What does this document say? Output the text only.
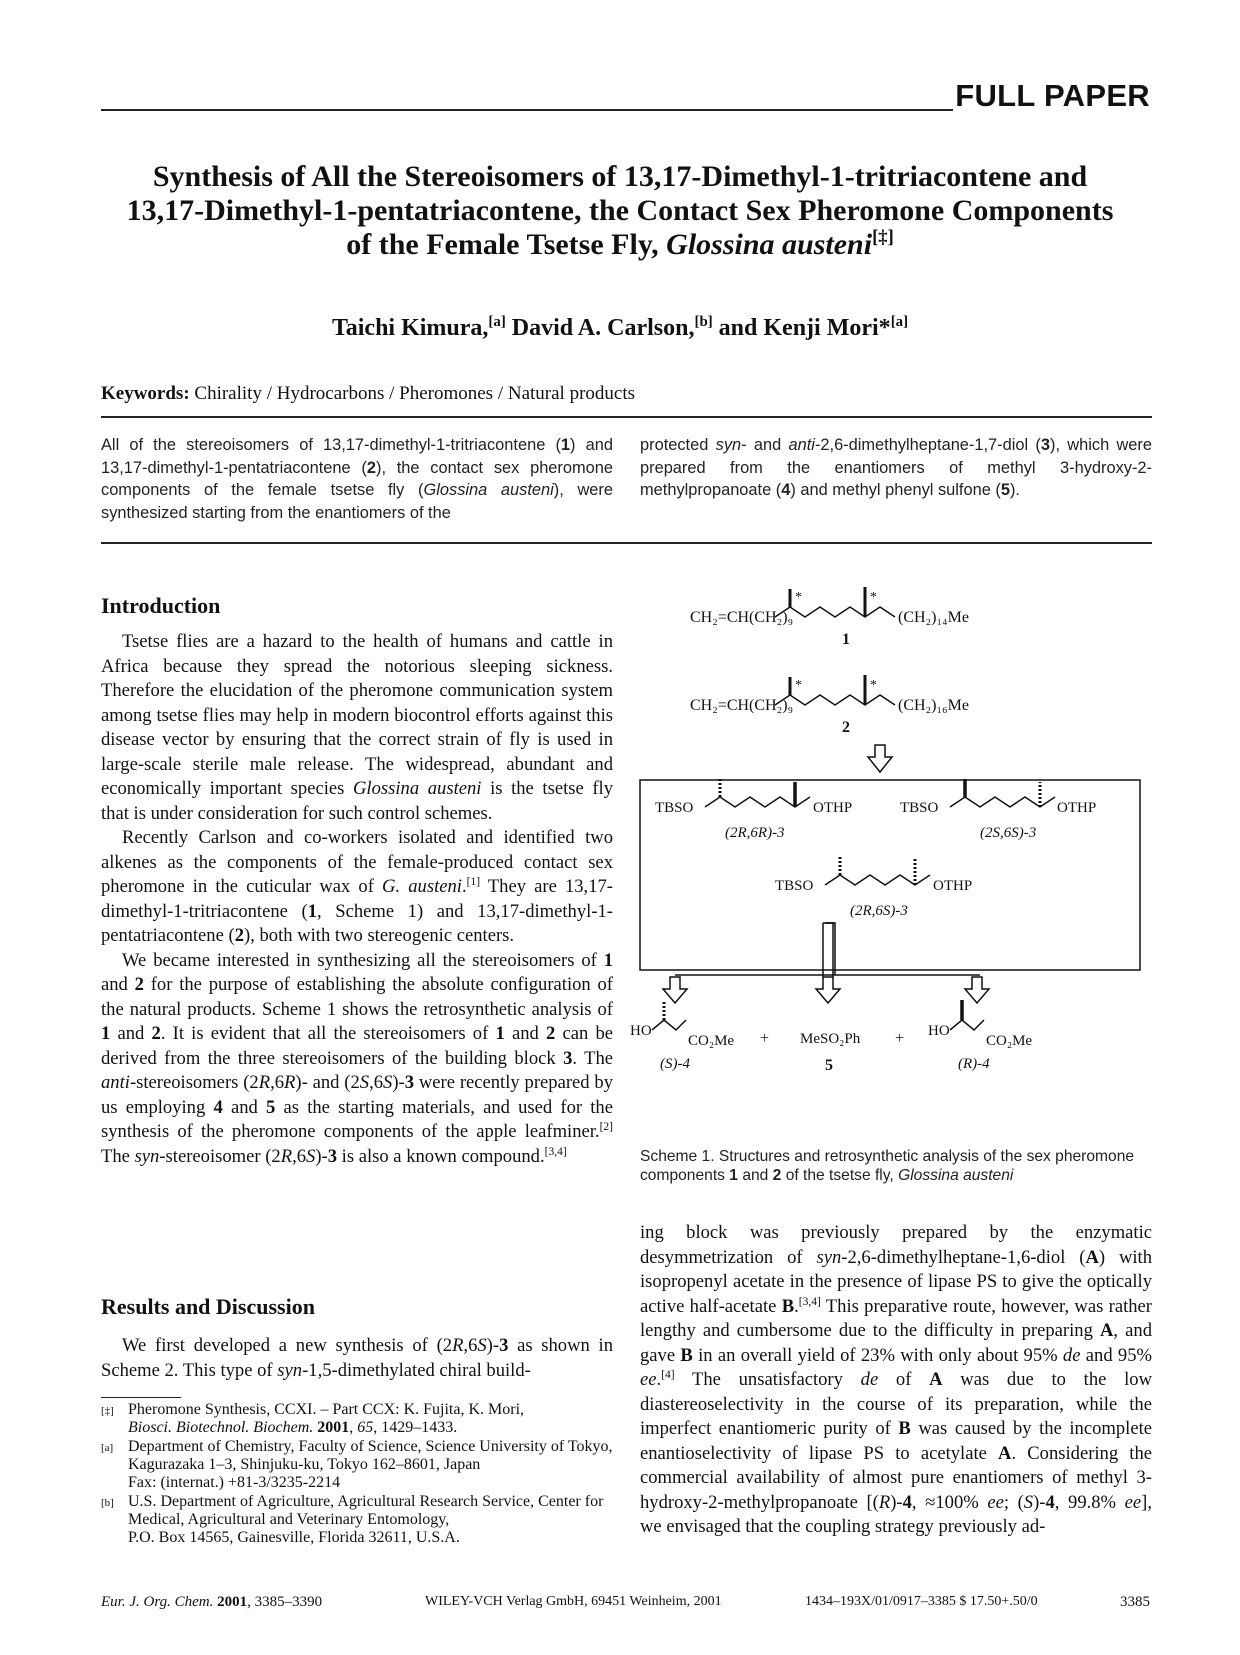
FULL PAPER
Synthesis of All the Stereoisomers of 13,17-Dimethyl-1-tritriacontene and
13,17-Dimethyl-1-pentatriacontene, the Contact Sex Pheromone Components
of the Female Tsetse Fly, Glossina austeni[‡]
Taichi Kimura,[a] David A. Carlson,[b] and Kenji Mori*[a]
Keywords: Chirality / Hydrocarbons / Pheromones / Natural products
All of the stereoisomers of 13,17-dimethyl-1-tritriacontene (1) and 13,17-dimethyl-1-pentatriacontene (2), the contact sex pheromone components of the female tsetse fly (Glossina austeni), were synthesized starting from the enantiomers of the
protected syn- and anti-2,6-dimethylheptane-1,7-diol (3), which were prepared from the enantiomers of methyl 3-hydroxy-2-methylpropanoate (4) and methyl phenyl sulfone (5).
Introduction

Tsetse flies are a hazard to the health of humans and cattle in Africa because they spread the notorious sleeping sickness. Therefore the elucidation of the pheromone communication system among tsetse flies may help in modern biocontrol efforts against this disease vector by ensuring that the correct strain of fly is used in large-scale sterile male release. The widespread, abundant and economically important species Glossina austeni is the tsetse fly that is under consideration for such control schemes.

Recently Carlson and co-workers isolated and identified two alkenes as the components of the female-produced contact sex pheromone in the cuticular wax of G. austeni.[1] They are 13,17-dimethyl-1-tritriacontene (1, Scheme 1) and 13,17-dimethyl-1-pentatriacontene (2), both with two stereogenic centers.

We became interested in synthesizing all the stereoisomers of 1 and 2 for the purpose of establishing the absolute configuration of the natural products. Scheme 1 shows the retrosynthetic analysis of 1 and 2. It is evident that all the stereoisomers of 1 and 2 can be derived from the three stereoisomers of the building block 3. The anti-stereoisomers (2R,6R)- and (2S,6S)-3 were recently prepared by us employing 4 and 5 as the starting materials, and used for the synthesis of the pheromone components of the apple leafminer.[2] The syn-stereoisomer (2R,6S)-3 is also a known compound.[3,4]

Results and Discussion

We first developed a new synthesis of (2R,6S)-3 as shown in Scheme 2. This type of syn-1,5-dimethylated chiral build-

[‡] Pheromone Synthesis, CCXI. – Part CCX: K. Fujita, K. Mori,
Biosci. Biotechnol. Biochem. 2001, 65, 1429–1433.
[a] Department of Chemistry, Faculty of Science, Science University of Tokyo,
Kagurazaka 1–3, Shinjuku-ku, Tokyo 162–8601, Japan
Fax: (internat.) +81-3/3235-2214
[b] U.S. Department of Agriculture, Agricultural Research Service, Center for Medical, Agricultural and Veterinary Entomology,
P.O. Box 14565, Gainesville, Florida 32611, U.S.A.
CH₂=CH(CH₂)₉
*	*
(CH₂)₁₄Me
1
CH₂=CH(CH₂)₉
*	*
(CH₂)₁₆Me
2
TBSO	OTHP
(2R,6R)-3
TBSO	OTHP
(2S,6S)-3
TBSO	OTHP
(2R,6S)-3
HO
CO₂Me
(S)-4
+ MeSO₂Ph
5
+ HO
CO₂Me
(R)-4
Scheme 1. Structures and retrosynthetic analysis of the sex pheromone components 1 and 2 of the tsetse fly, Glossina austeni

ing block was previously prepared by the enzymatic desymmetrization of syn-2,6-dimethylheptane-1,6-diol (A) with isopropenyl acetate in the presence of lipase PS to give the optically active half-acetate B.[3,4] This preparative route, however, was rather lengthy and cumbersome due to the difficulty in preparing A, and gave B in an overall yield of 23% with only about 95% de and 95% ee.[4] The unsatisfactory de of A was due to the low diastereoselectivity in the course of its preparation, while the imperfect enantiomeric purity of B was caused by the incomplete enantioselectivity of lipase PS to acetylate A. Considering the commercial availability of almost pure enantiomers of methyl 3-hydroxy-2-methylpropanoate [(R)-4, ≈100% ee; (S)-4, 99.8% ee], we envisaged that the coupling strategy previously ad-

Eur. J. Org. Chem. 2001, 3385–3390	WILEY-VCH Verlag GmbH, 69451 Weinheim, 2001	1434–193X/01/0917–3385 $ 17.50+.50/0	3385
